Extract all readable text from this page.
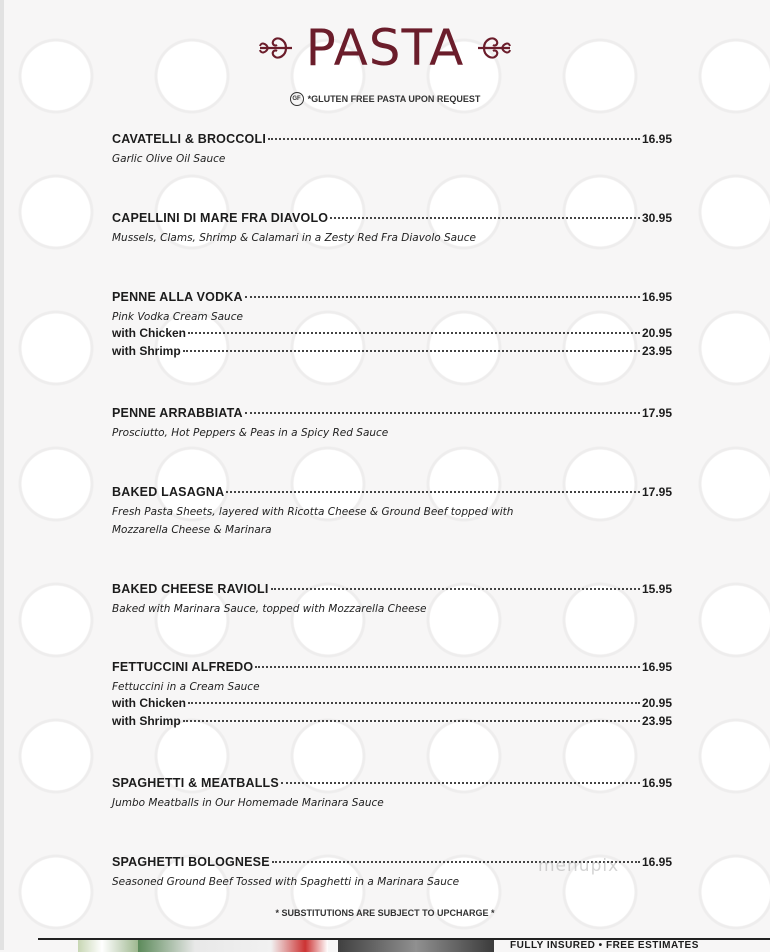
PASTA
GF *GLUTEN FREE PASTA UPON REQUEST
CAVATELLI & BROCCOLI	16.95
Garlic Olive Oil Sauce
CAPELLINI DI MARE FRA DIAVOLO	30.95
Mussels, Clams, Shrimp & Calamari in a Zesty Red Fra Diavolo Sauce
PENNE ALLA VODKA	16.95
Pink Vodka Cream Sauce
with Chicken	20.95
with Shrimp	23.95
PENNE ARRABBIATA	17.95
Prosciutto, Hot Peppers & Peas in a Spicy Red Sauce
BAKED LASAGNA	17.95
Fresh Pasta Sheets, layered with Ricotta Cheese & Ground Beef topped with Mozzarella Cheese & Marinara
BAKED CHEESE RAVIOLI	15.95
Baked with Marinara Sauce, topped with Mozzarella Cheese
FETTUCCINI ALFREDO	16.95
Fettuccini in a Cream Sauce
with Chicken	20.95
with Shrimp	23.95
SPAGHETTI & MEATBALLS	16.95
Jumbo Meatballs in Our Homemade Marinara Sauce
SPAGHETTI BOLOGNESE	16.95
Seasoned Ground Beef Tossed with Spaghetti in a Marinara Sauce
menupix
* SUBSTITUTIONS ARE SUBJECT TO UPCHARGE *
FULLY INSURED • FREE ESTIMATES
